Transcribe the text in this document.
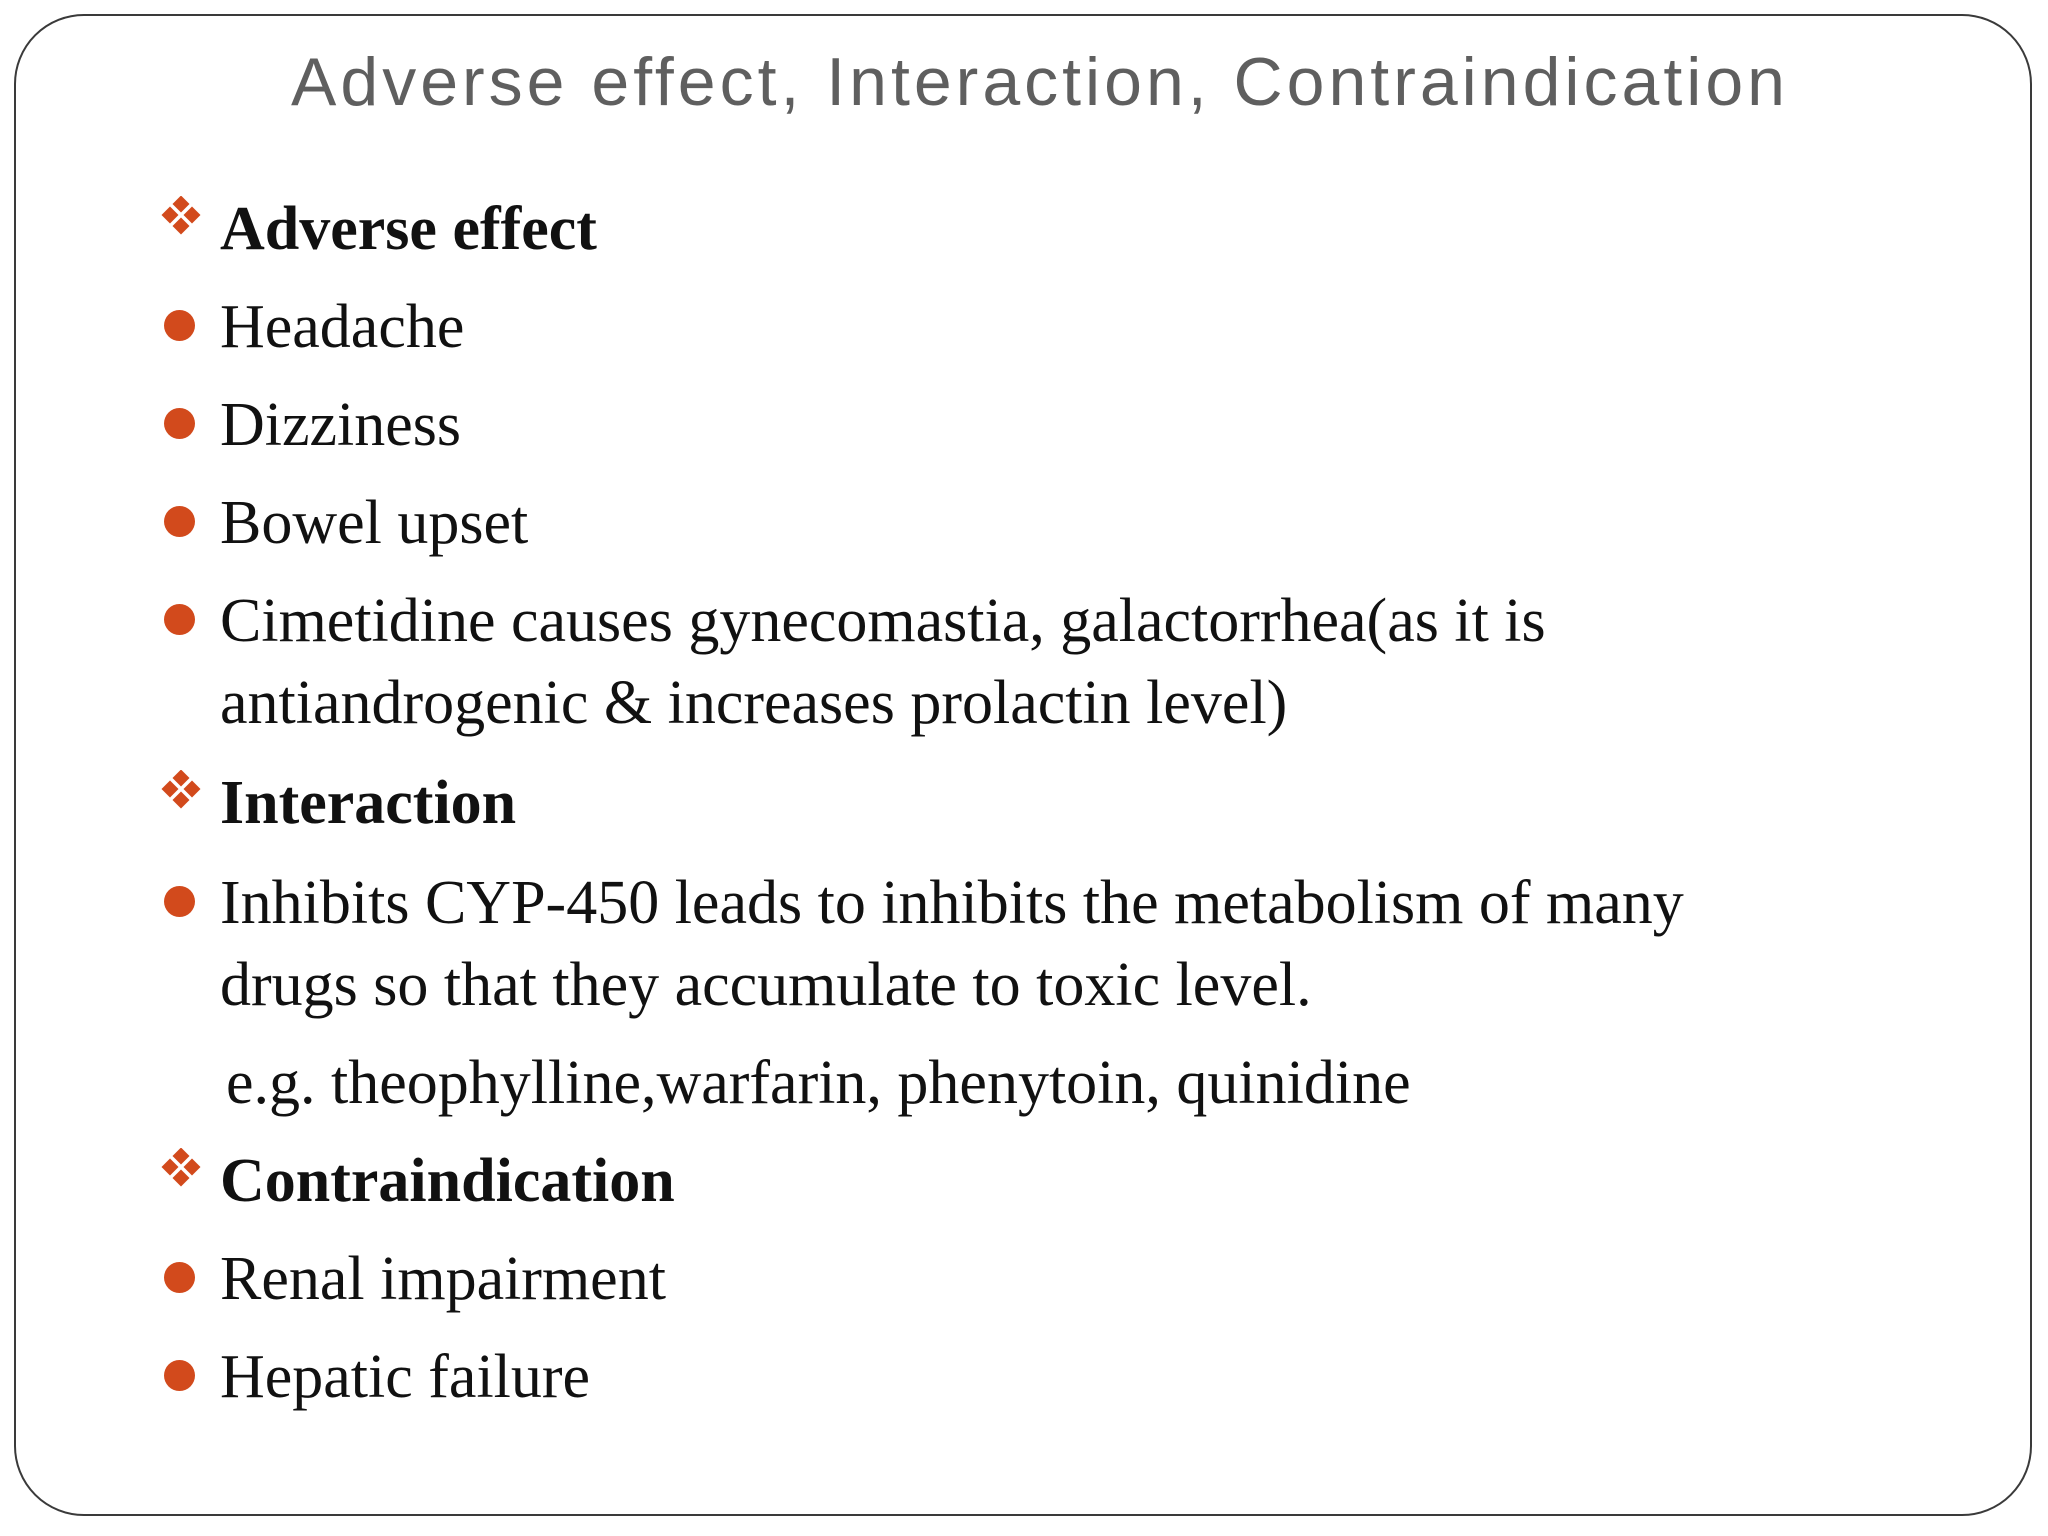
Adverse effect, Interaction, Contraindication
Adverse effect
Headache
Dizziness
Bowel upset
Cimetidine causes gynecomastia, galactorrhea(as it is
antiandrogenic & increases prolactin level)
Interaction
Inhibits CYP-450 leads to inhibits the metabolism of many
drugs so that they accumulate to toxic level.
e.g. theophylline,warfarin, phenytoin, quinidine
Contraindication
Renal impairment
Hepatic failure
